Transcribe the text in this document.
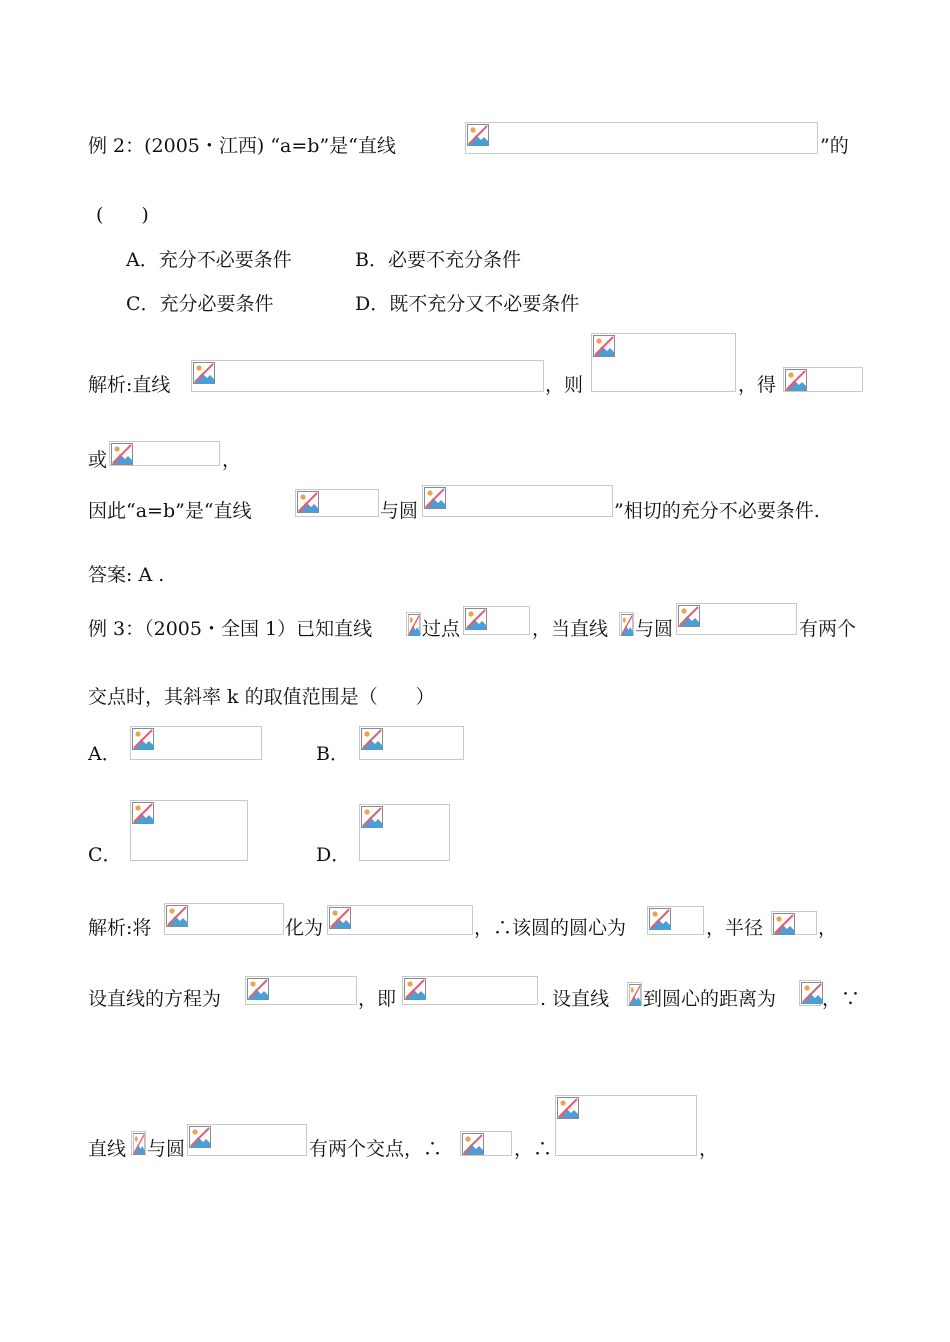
例 2：(2005・江西) “a=b”是“直线	”的
(　　)
A．充分不必要条件	B．必要不充分条件
C．充分必要条件	D．既不充分又不必要条件
解析:直线	，则	，得
或	，
因此“a=b”是“直线	与圆	”相切的充分不必要条件.
答案: A .
例 3：（2005・全国 1）已知直线	过点	，当直线 与圆	有两个
交点时，其斜率 k 的取值范围是（　　）
A．	B．
C．	D．
解析:将	化为	，∴该圆的圆心为	，半径	，
设直线的方程为	，即	. 设直线 到圆心的距离为 ，∵
直线 与圆	有两个交点，∴	，∴	，
